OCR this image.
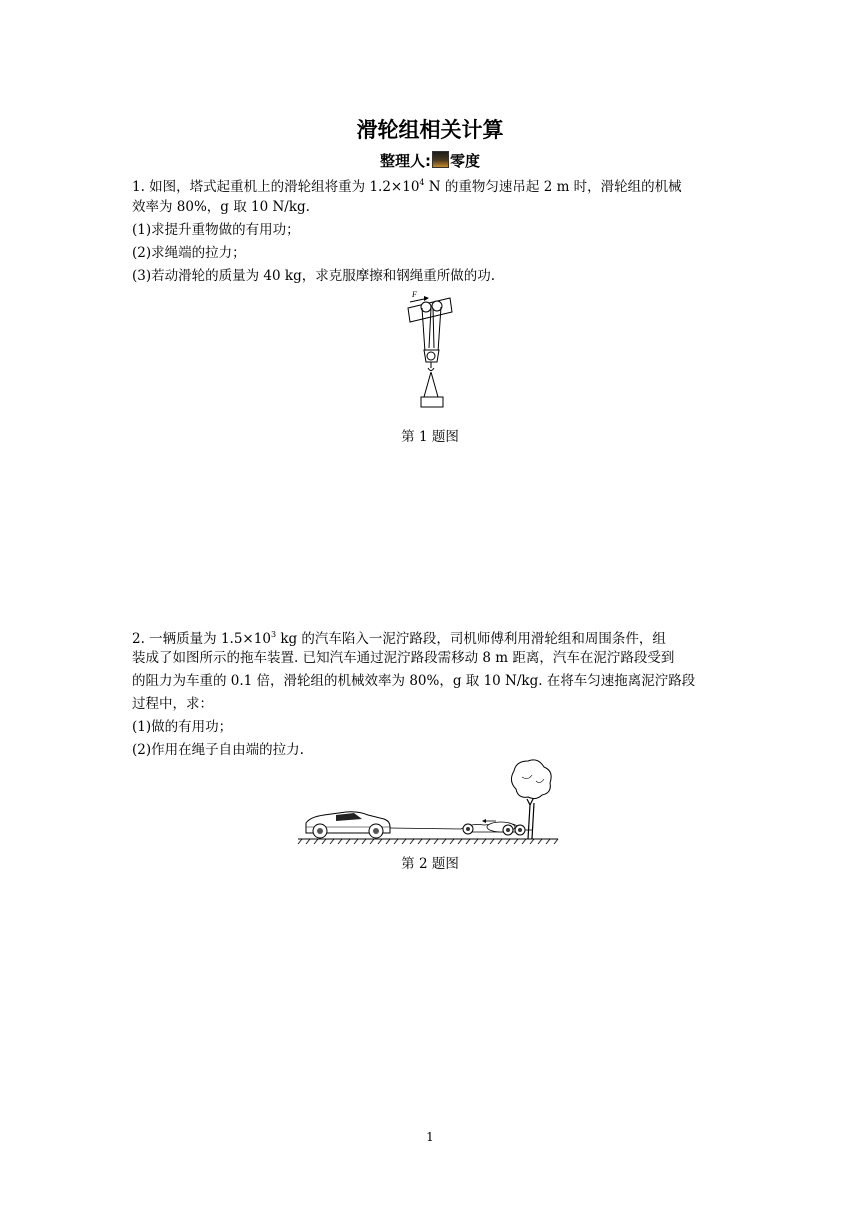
滑轮组相关计算
整理人: 零度
1. 如图，塔式起重机上的滑轮组将重为 $1.2\times 10^4$ N 的重物匀速吊起 2 m 时，滑轮组的机械
效率为 80%，g 取 10 N/kg.
(1)求提升重物做的有用功；
(2)求绳端的拉力；
(3)若动滑轮的质量为 40 kg，求克服摩擦和钢绳重所做的功.
F
第 1 题图
2. 一辆质量为 $1.5\times 10^3$ kg 的汽车陷入一泥泞路段，司机师傅利用滑轮组和周围条件，组
装成了如图所示的拖车装置. 已知汽车通过泥泞路段需移动 8 m 距离，汽车在泥泞路段受到
的阻力为车重的 0.1 倍，滑轮组的机械效率为 80%，g 取 10 N/kg. 在将车匀速拖离泥泞路段
过程中，求：
(1)做的有用功；
(2)作用在绳子自由端的拉力.
第 2 题图
1
